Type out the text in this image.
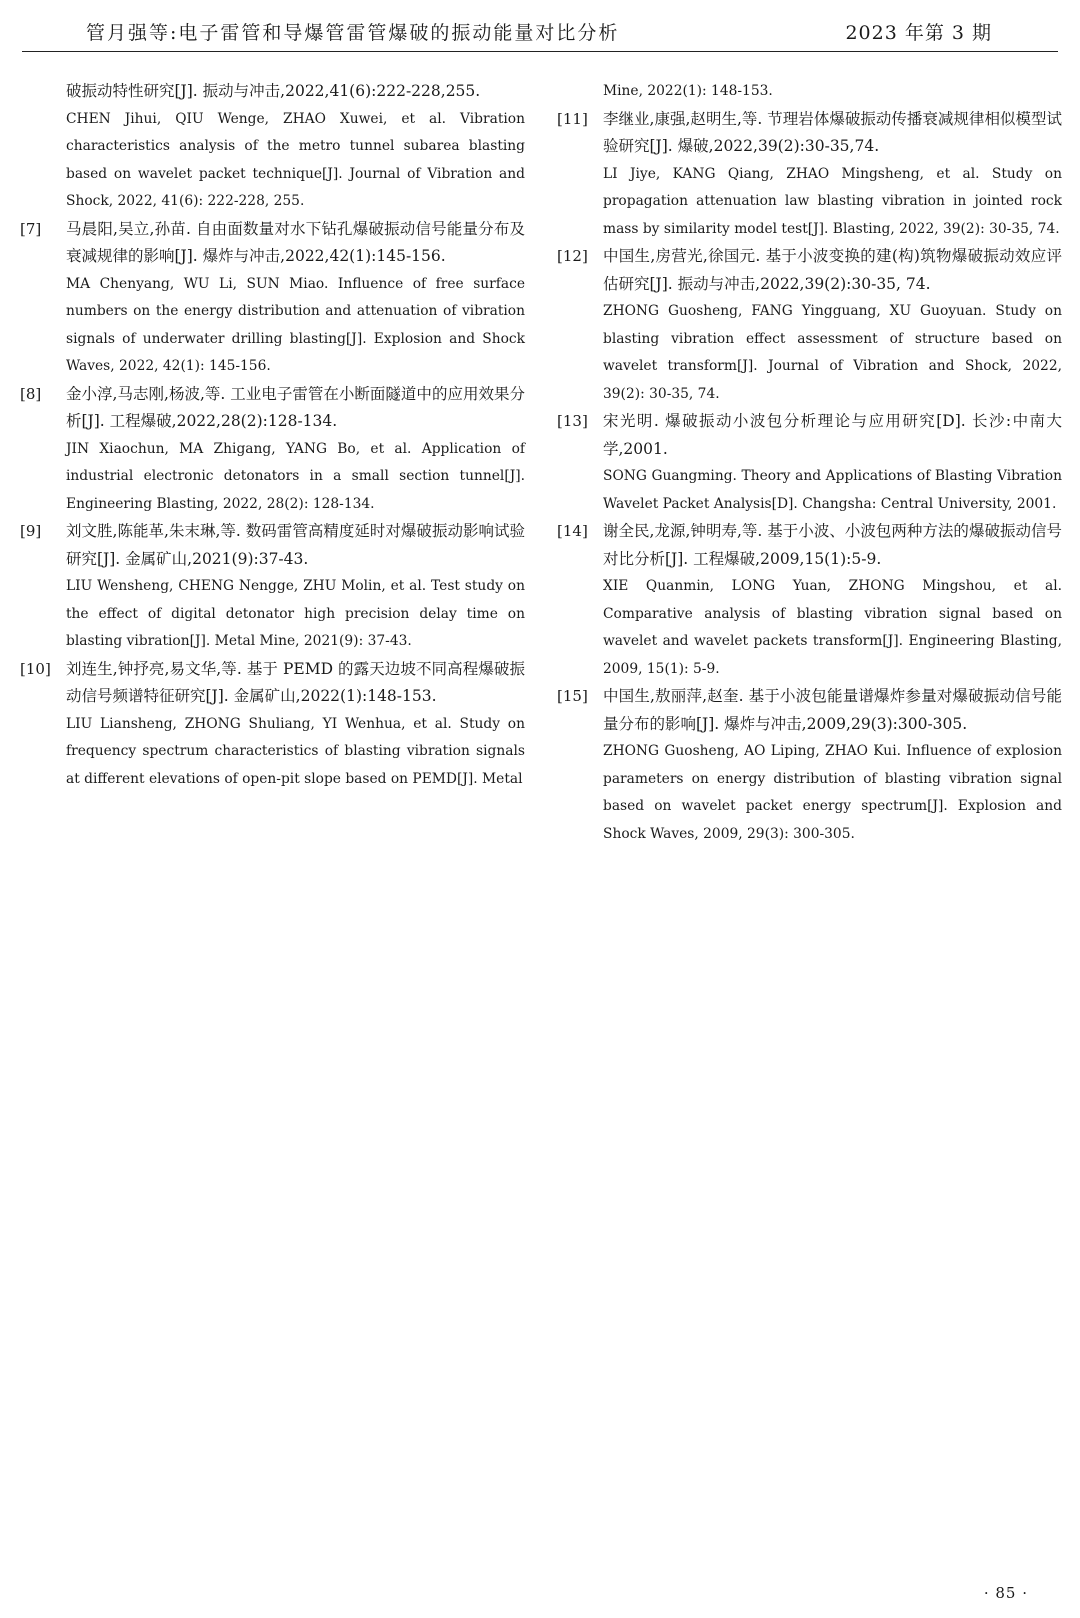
管月强等:电子雷管和导爆管雷管爆破的振动能量对比分析	2023 年第 3 期

破振动特性研究[J]. 振动与冲击,2022,41(6):222-228,255.

CHEN Jihui, QIU Wenge, ZHAO Xuwei, et al. Vibration characteristics analysis of the metro tunnel subarea blasting based on wavelet packet technique[J]. Journal of Vibration and Shock, 2022, 41(6): 222-228, 255.

[7] 马晨阳,吴立,孙苗. 自由面数量对水下钻孔爆破振动信号能量分布及衰减规律的影响[J]. 爆炸与冲击,2022,42(1):145-156.

MA Chenyang, WU Li, SUN Miao. Influence of free surface numbers on the energy distribution and attenuation of vibration signals of underwater drilling blasting[J]. Explosion and Shock Waves, 2022, 42(1): 145-156.

[8] 金小淳,马志刚,杨波,等. 工业电子雷管在小断面隧道中的应用效果分析[J]. 工程爆破,2022,28(2):128-134.

JIN Xiaochun, MA Zhigang, YANG Bo, et al. Application of industrial electronic detonators in a small section tunnel[J]. Engineering Blasting, 2022, 28(2): 128-134.

[9] 刘文胜,陈能革,朱末琳,等. 数码雷管高精度延时对爆破振动影响试验研究[J]. 金属矿山,2021(9):37-43.

LIU Wensheng, CHENG Nengge, ZHU Molin, et al. Test study on the effect of digital detonator high precision delay time on blasting vibration[J]. Metal Mine, 2021(9): 37-43.

[10] 刘连生,钟抒亮,易文华,等. 基于 PEMD 的露天边坡不同高程爆破振动信号频谱特征研究[J]. 金属矿山,2022(1):148-153.

LIU Liansheng, ZHONG Shuliang, YI Wenhua, et al. Study on frequency spectrum characteristics of blasting vibration signals at different elevations of open-pit slope based on PEMD[J]. Metal

Mine, 2022(1): 148-153.

[11] 李继业,康强,赵明生,等. 节理岩体爆破振动传播衰减规律相似模型试验研究[J]. 爆破,2022,39(2):30-35,74.

LI Jiye, KANG Qiang, ZHAO Mingsheng, et al. Study on propagation attenuation law blasting vibration in jointed rock mass by similarity model test[J]. Blasting, 2022, 39(2): 30-35, 74.

[12] 中国生,房营光,徐国元. 基于小波变换的建(构)筑物爆破振动效应评估研究[J]. 振动与冲击,2022,39(2):30-35, 74.

ZHONG Guosheng, FANG Yingguang, XU Guoyuan. Study on blasting vibration effect assessment of structure based on wavelet transform[J]. Journal of Vibration and Shock, 2022, 39(2): 30-35, 74.

[13] 宋光明. 爆破振动小波包分析理论与应用研究[D]. 长沙:中南大学,2001.

SONG Guangming. Theory and Applications of Blasting Vibration Wavelet Packet Analysis[D]. Changsha: Central University, 2001.

[14] 谢全民,龙源,钟明寿,等. 基于小波、小波包两种方法的爆破振动信号对比分析[J]. 工程爆破,2009,15(1):5-9.

XIE Quanmin, LONG Yuan, ZHONG Mingshou, et al. Comparative analysis of blasting vibration signal based on wavelet and wavelet packets transform[J]. Engineering Blasting, 2009, 15(1): 5-9.

[15] 中国生,敖丽萍,赵奎. 基于小波包能量谱爆炸参量对爆破振动信号能量分布的影响[J]. 爆炸与冲击,2009,29(3):300-305.

ZHONG Guosheng, AO Liping, ZHAO Kui. Influence of explosion parameters on energy distribution of blasting vibration signal based on wavelet packet energy spectrum[J]. Explosion and Shock Waves, 2009, 29(3): 300-305.

· 85 ·
